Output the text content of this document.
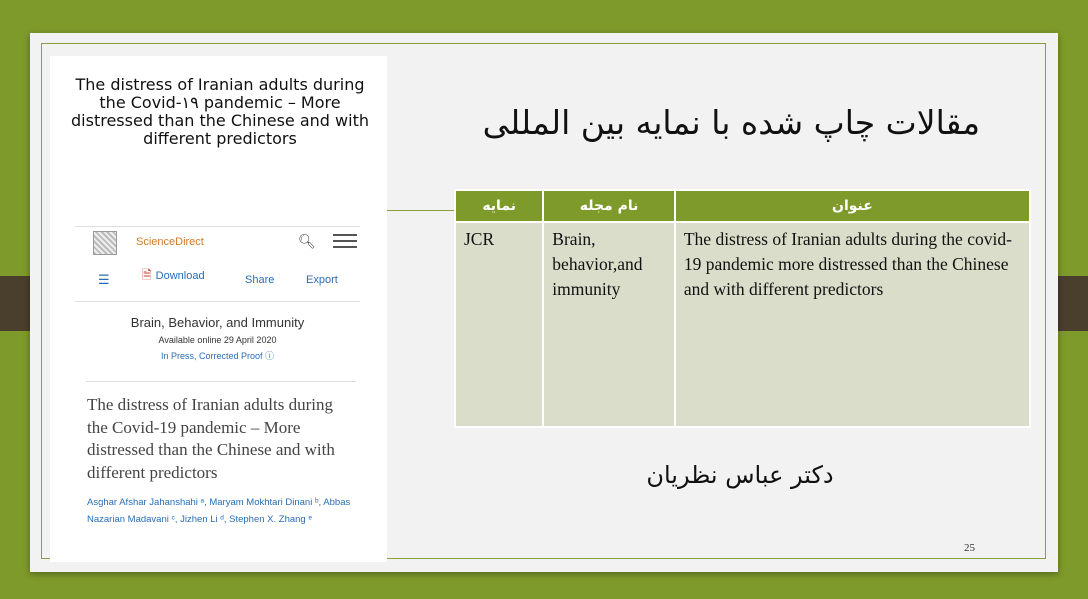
The distress of Iranian adults during the Covid-۱۹ pandemic – More distressed than the Chinese and with different predictors
ScienceDirect	🔍︎
☰	🗎︎ Download	Share	Export
Brain, Behavior, and Immunity
Available online 29 April 2020
In Press, Corrected Proof ⓘ
The distress of Iranian adults during the Covid-19 pandemic – More distressed than the Chinese and with different predictors
Asghar Afshar Jahanshahi ᵃ, Maryam Mokhtari Dinani ᵇ, Abbas Nazarian Madavani ᶜ, Jizhen Li ᵈ, Stephen X. Zhang ᵉ
مقالات چاپ شده با نمایه بین المللی
عنوان	نام مجله	نمایه
The distress of Iranian adults during the covid-19 pandemic more distressed than the Chinese and with different predictors	Brain, behavior,and immunity	JCR
دکتر عباس نظریان
25
